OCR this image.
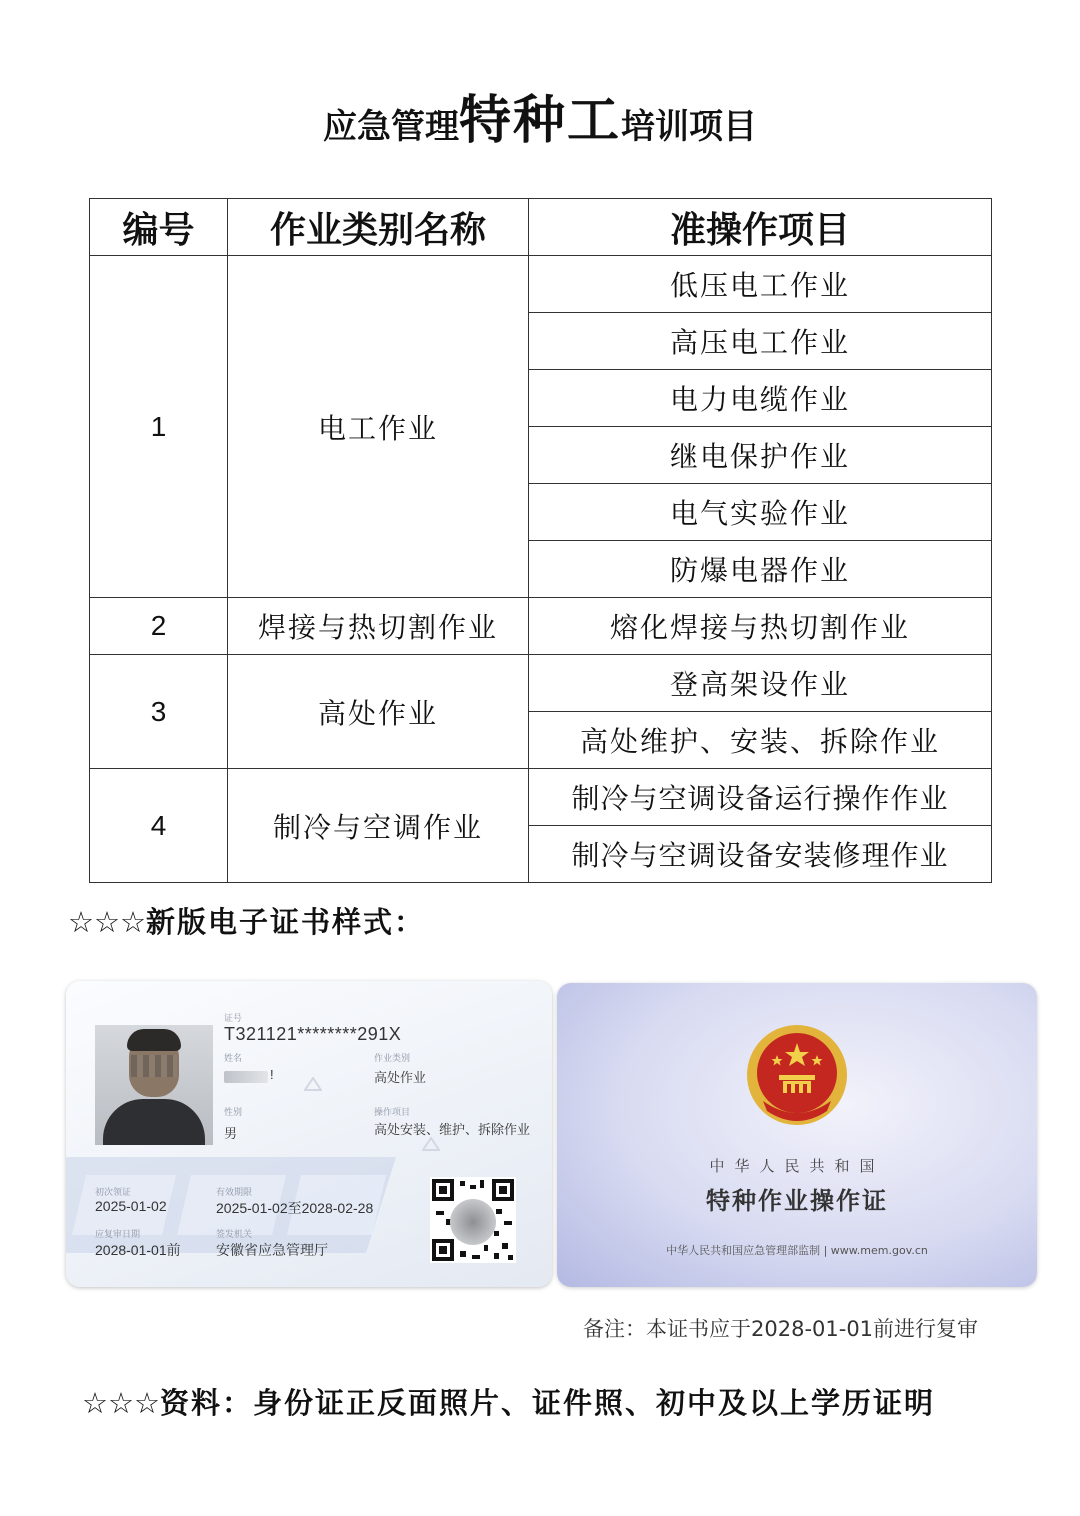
应急管理特种工培训项目
编号	作业类别名称	准操作项目
1	电工作业	低压电工作业
		高压电工作业
		电力电缆作业
		继电保护作业
		电气实验作业
		防爆电器作业
2	焊接与热切割作业	熔化焊接与热切割作业
3	高处作业	登高架设作业
		高处维护、安装、拆除作业
4	制冷与空调作业	制冷与空调设备运行操作作业
		制冷与空调设备安装修理作业
☆☆☆新版电子证书样式：
证号
T321121********291X
姓名
!
作业类别
高处作业
性别
男
操作项目
高处安装、维护、拆除作业
初次领证
2025-01-02
有效期限
2025-01-02至2028-02-28
应复审日期
2028-01-01前
签发机关
安徽省应急管理厅
中华人民共和国
特种作业操作证
中华人民共和国应急管理部监制 | www.mem.gov.cn
备注：本证书应于2028-01-01前进行复审
☆☆☆资料：身份证正反面照片、证件照、初中及以上学历证明
